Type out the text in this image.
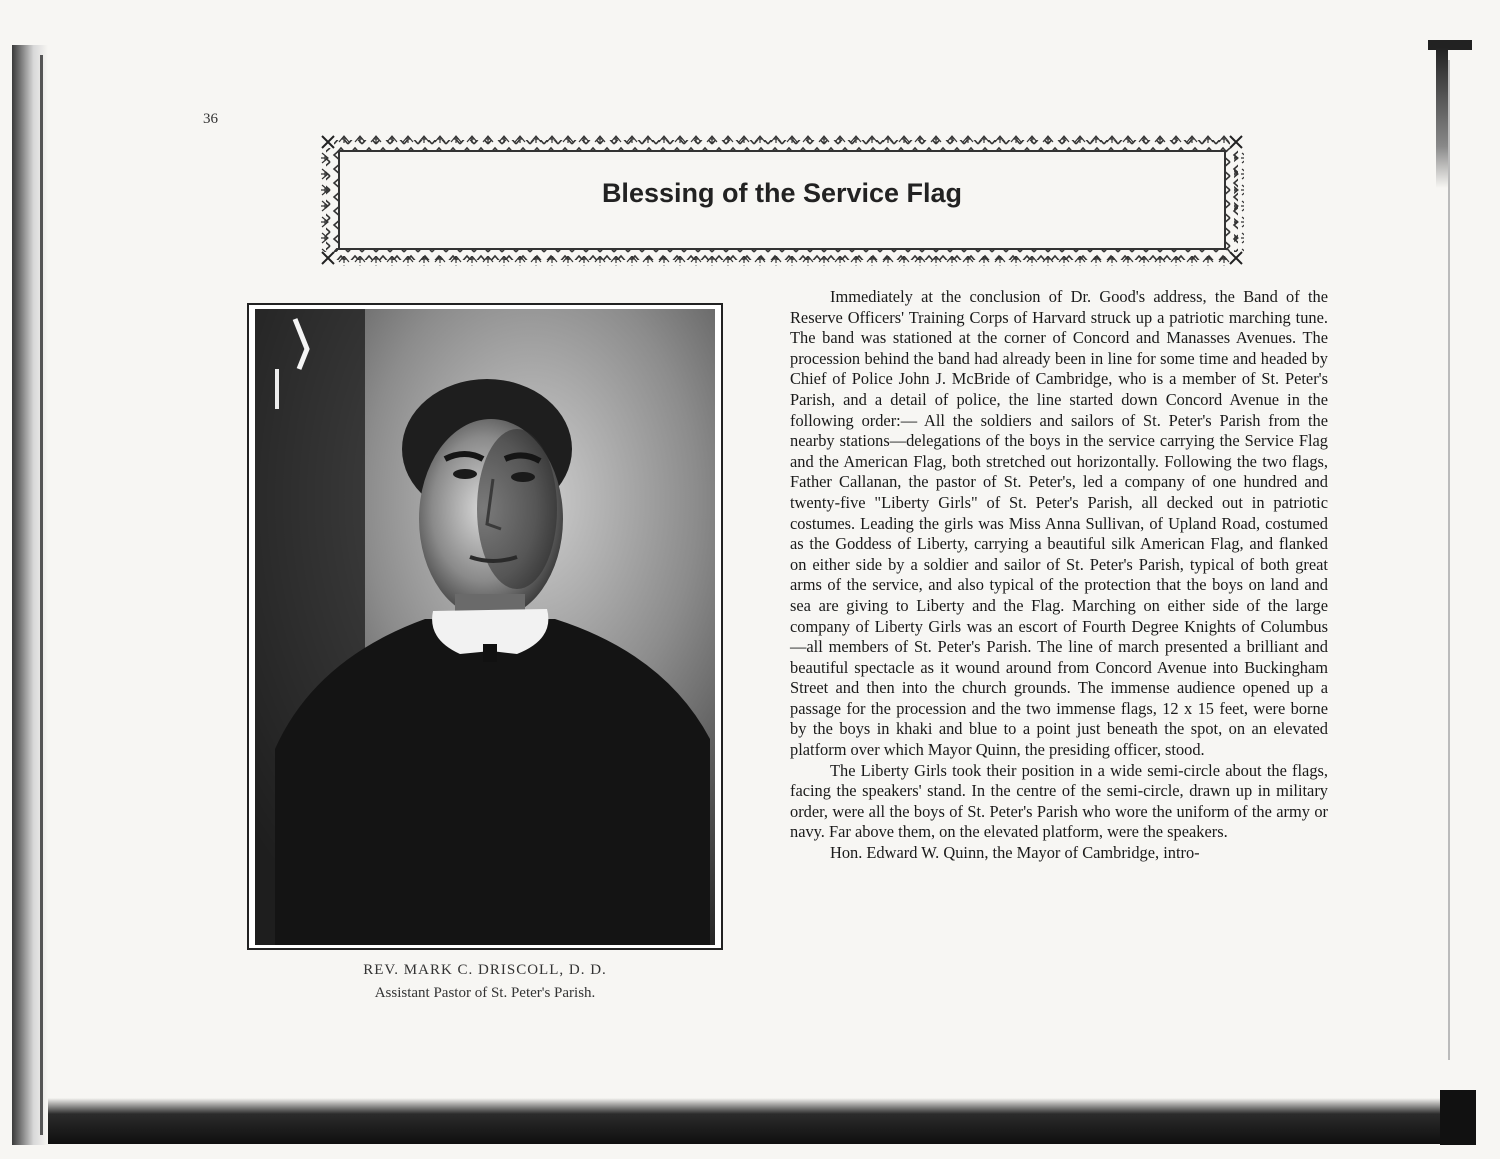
36
Blessing of the Service Flag
REV. MARK C. DRISCOLL, D. D.
Assistant Pastor of St. Peter's Parish.

Immediately at the conclusion of Dr. Good's address, the Band of the Reserve Officers' Training Corps of Harvard struck up a patriotic marching tune. The band was stationed at the corner of Concord and Manasses Avenues. The procession behind the band had already been in line for some time and headed by Chief of Police John J. McBride of Cambridge, who is a member of St. Peter's Parish, and a detail of police, the line started down Concord Avenue in the following order:— All the soldiers and sailors of St. Peter's Parish from the nearby stations—delegations of the boys in the service carrying the Service Flag and the American Flag, both stretched out horizontally. Following the two flags, Father Callanan, the pastor of St. Peter's, led a company of one hundred and twenty-five "Liberty Girls" of St. Peter's Parish, all decked out in patriotic costumes. Leading the girls was Miss Anna Sullivan, of Upland Road, costumed as the Goddess of Liberty, carrying a beautiful silk American Flag, and flanked on either side by a soldier and sailor of St. Peter's Parish, typical of both great arms of the service, and also typical of the protection that the boys on land and sea are giving to Liberty and the Flag. Marching on either side of the large company of Liberty Girls was an escort of Fourth Degree Knights of Columbus—all members of St. Peter's Parish. The line of march presented a brilliant and beautiful spectacle as it wound around from Concord Avenue into Buckingham Street and then into the church grounds. The immense audience opened up a passage for the procession and the two immense flags, 12 x 15 feet, were borne by the boys in khaki and blue to a point just beneath the spot, on an elevated platform over which Mayor Quinn, the presiding officer, stood.

The Liberty Girls took their position in a wide semi-circle about the flags, facing the speakers' stand. In the centre of the semi-circle, drawn up in military order, were all the boys of St. Peter's Parish who wore the uniform of the army or navy. Far above them, on the elevated platform, were the speakers.

Hon. Edward W. Quinn, the Mayor of Cambridge, intro-
